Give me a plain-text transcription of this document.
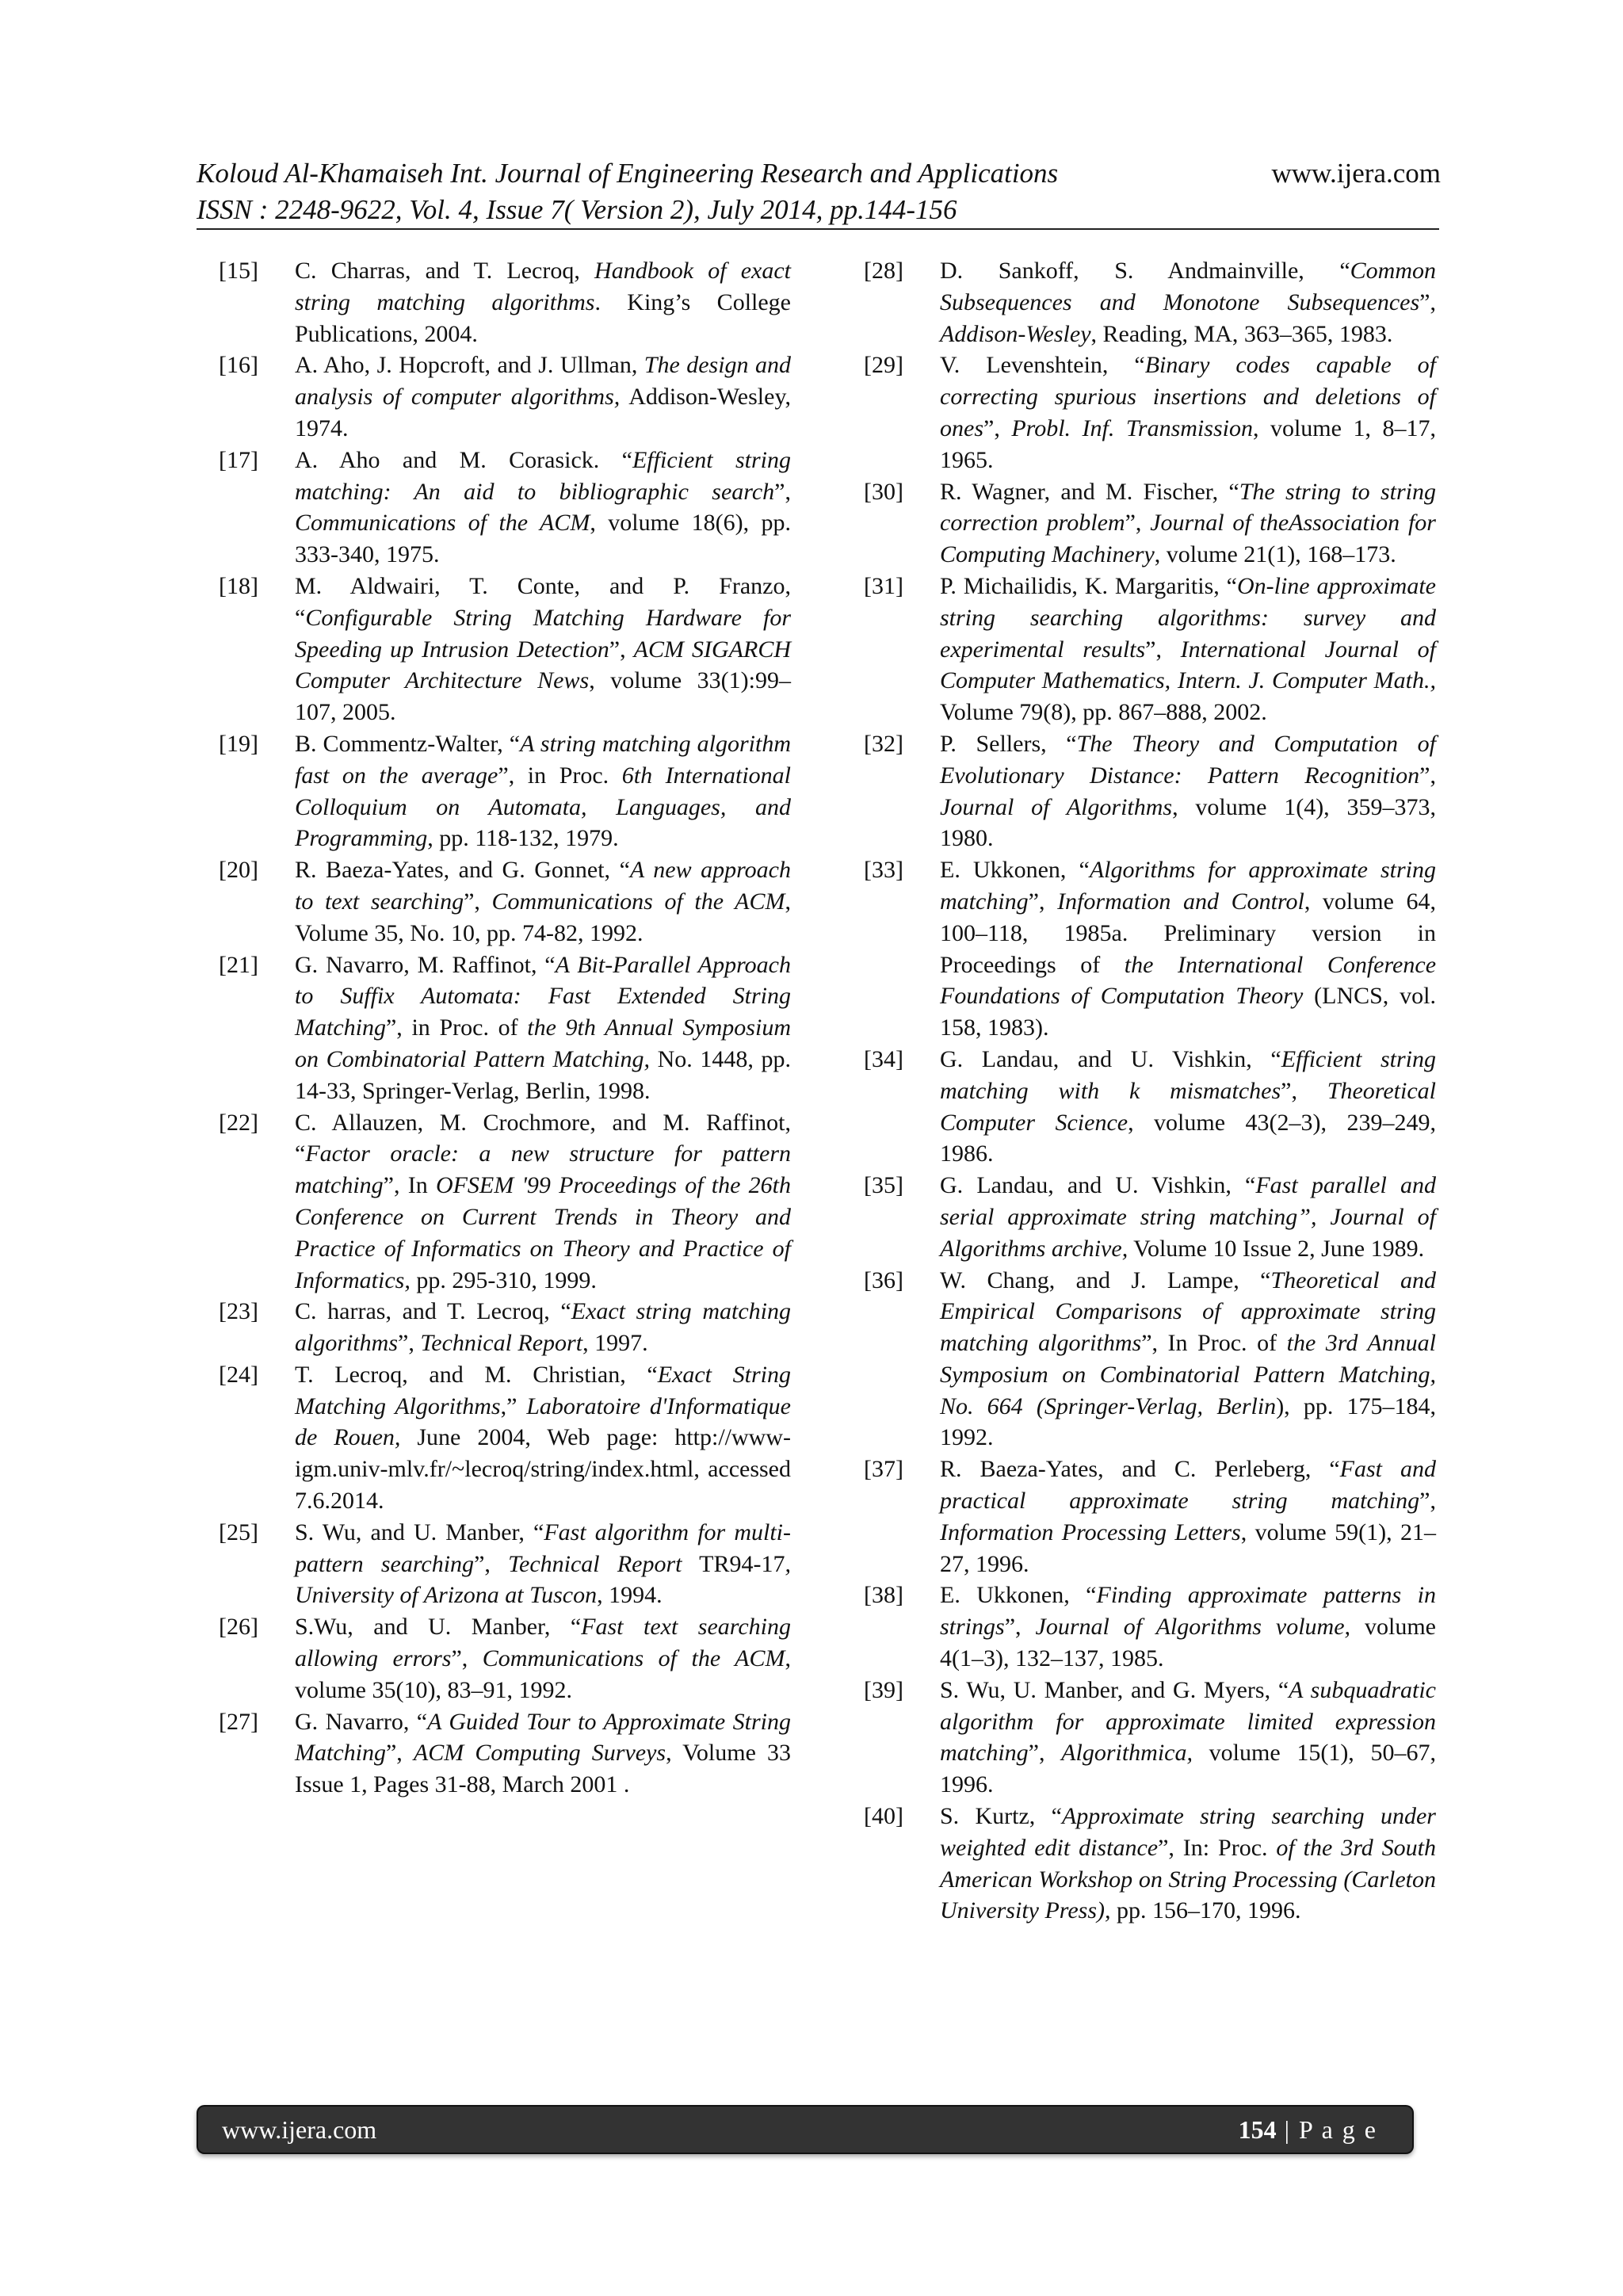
Koloud Al-Khamaiseh Int. Journal of Engineering Research and Applications	www.ijera.com
ISSN : 2248-9622, Vol. 4, Issue 7( Version 2), July 2014, pp.144-156
[15]	C. Charras, and T. Lecroq, Handbook of exact string matching algorithms. King’s College Publications, 2004.
[16]	A. Aho, J. Hopcroft, and J. Ullman, The design and analysis of computer algorithms, Addison-Wesley, 1974.
[17]	A. Aho and M. Corasick. “Efficient string matching: An aid to bibliographic search”, Communications of the ACM, volume 18(6), pp. 333-340, 1975.
[18]	M. Aldwairi, T. Conte, and P. Franzo, “Configurable String Matching Hardware for Speeding up Intrusion Detection”, ACM SIGARCH Computer Architecture News, volume 33(1):99–107, 2005.
[19]	B. Commentz-Walter, “A string matching algorithm fast on the average”, in Proc. 6th International Colloquium on Automata, Languages, and Programming, pp. 118-132, 1979.
[20]	R. Baeza-Yates, and G. Gonnet, “A new approach to text searching”, Communications of the ACM, Volume 35, No. 10, pp. 74-82, 1992.
[21]	G. Navarro, M. Raffinot, “A Bit-Parallel Approach to Suffix Automata: Fast Extended String Matching”, in Proc. of the 9th Annual Symposium on Combinatorial Pattern Matching, No. 1448, pp. 14-33, Springer-Verlag, Berlin, 1998.
[22]	C. Allauzen, M. Crochmore, and M. Raffinot, “Factor oracle: a new structure for pattern matching”, In OFSEM '99 Proceedings of the 26th Conference on Current Trends in Theory and Practice of Informatics on Theory and Practice of Informatics, pp. 295-310, 1999.
[23]	C. harras, and T. Lecroq, “Exact string matching algorithms”, Technical Report, 1997.
[24]	T. Lecroq, and M. Christian, “Exact String Matching Algorithms,” Laboratoire d'Informatique de Rouen, June 2004, Web page: http://www-igm.univ-mlv.fr/~lecroq/string/index.html, accessed 7.6.2014.
[25]	S. Wu, and U. Manber, “Fast algorithm for multi-pattern searching”, Technical Report TR94-17, University of Arizona at Tuscon, 1994.
[26]	S.Wu, and U. Manber, “Fast text searching allowing errors”, Communications of the ACM, volume 35(10), 83–91, 1992.
[27]	G. Navarro, “A Guided Tour to Approximate String Matching”, ACM Computing Surveys, Volume 33 Issue 1, Pages 31-88, March 2001 .
[28]	D. Sankoff, S. Andmainville, “Common Subsequences and Monotone Subsequences”, Addison-Wesley, Reading, MA, 363–365, 1983.
[29]	V. Levenshtein, “Binary codes capable of correcting spurious insertions and deletions of ones”, Probl. Inf. Transmission, volume 1, 8–17, 1965.
[30]	R. Wagner, and M. Fischer, “The string to string correction problem”, Journal of theAssociation for Computing Machinery, volume 21(1), 168–173.
[31]	P. Michailidis, K. Margaritis, “On-line approximate string searching algorithms: survey and experimental results”, International Journal of Computer Mathematics, Intern. J. Computer Math., Volume 79(8), pp. 867–888, 2002.
[32]	P. Sellers, “The Theory and Computation of Evolutionary Distance: Pattern Recognition”, Journal of Algorithms, volume 1(4), 359–373, 1980.
[33]	E. Ukkonen, “Algorithms for approximate string matching”, Information and Control, volume 64, 100–118, 1985a. Preliminary version in Proceedings of the International Conference Foundations of Computation Theory (LNCS, vol. 158, 1983).
[34]	G. Landau, and U. Vishkin, “Efficient string matching with k mismatches”, Theoretical Computer Science, volume 43(2–3), 239–249, 1986.
[35]	G. Landau, and U. Vishkin, “Fast parallel and serial approximate string matching”, Journal of Algorithms archive, Volume 10 Issue 2, June 1989.
[36]	W. Chang, and J. Lampe, “Theoretical and Empirical Comparisons of approximate string matching algorithms”, In Proc. of the 3rd Annual Symposium on Combinatorial Pattern Matching, No. 664 (Springer-Verlag, Berlin), pp. 175–184, 1992.
[37]	R. Baeza-Yates, and C. Perleberg, “Fast and practical approximate string matching”, Information Processing Letters, volume 59(1), 21–27, 1996.
[38]	E. Ukkonen, “Finding approximate patterns in strings”, Journal of Algorithms volume, volume 4(1–3), 132–137, 1985.
[39]	S. Wu, U. Manber, and G. Myers, “A subquadratic algorithm for approximate limited expression matching”, Algorithmica, volume 15(1), 50–67, 1996.
[40]	S. Kurtz, “Approximate string searching under weighted edit distance”, In: Proc. of the 3rd South American Workshop on String Processing (Carleton University Press), pp. 156–170, 1996.
www.ijera.com	154 | P a g e
